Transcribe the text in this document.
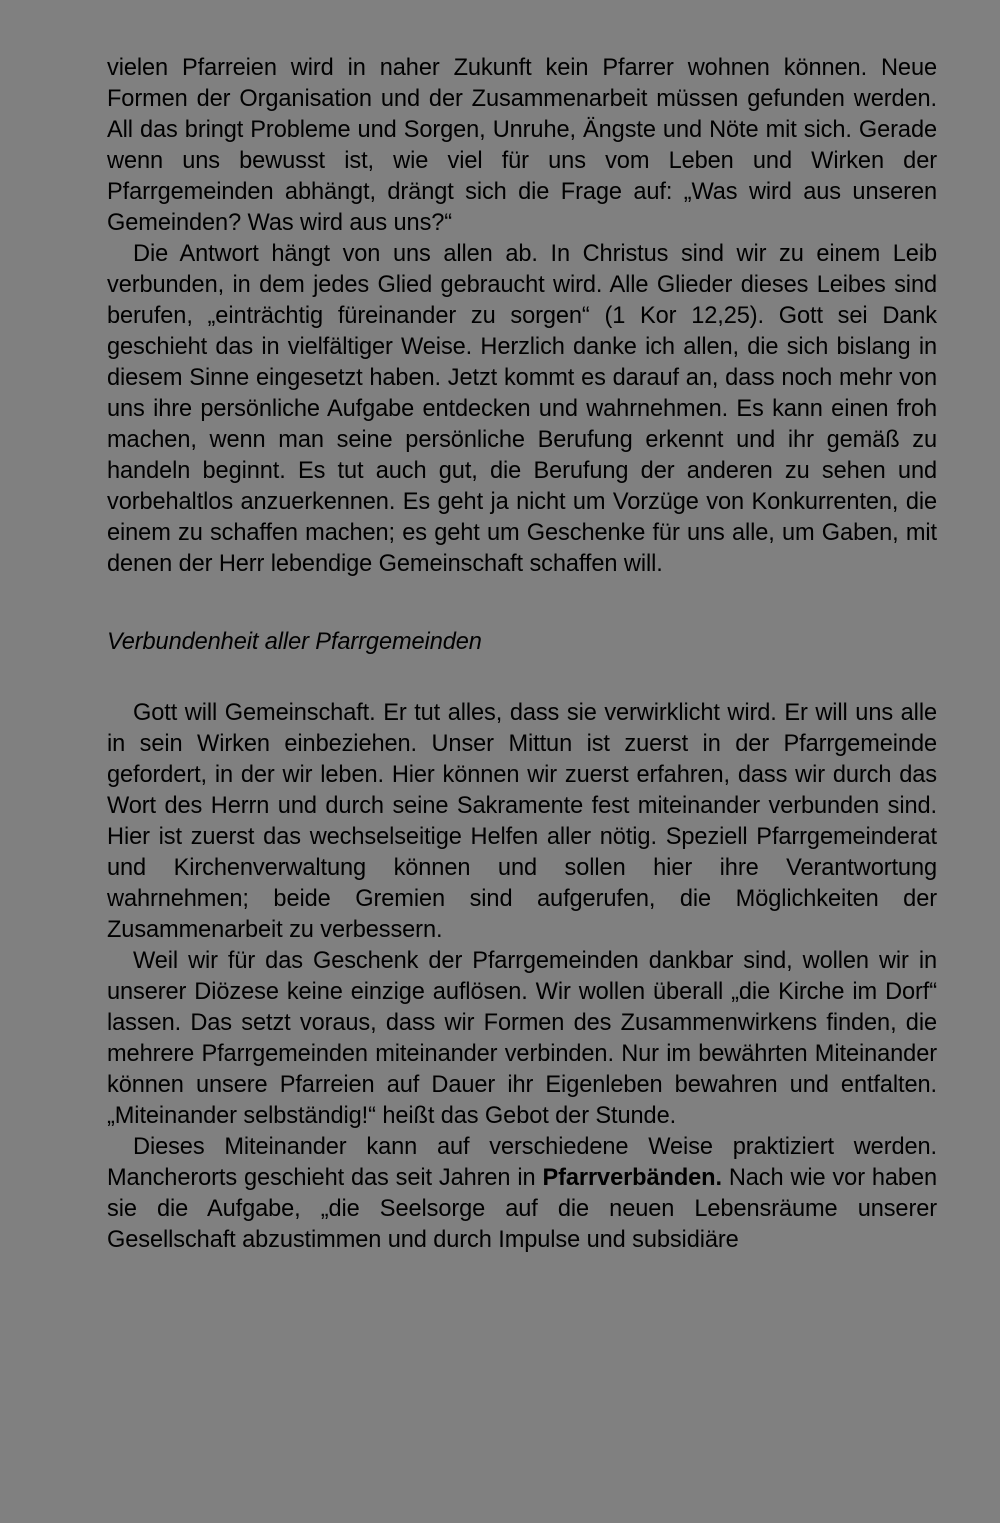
vielen Pfarreien wird in naher Zukunft kein Pfarrer wohnen können. Neue Formen der Organisation und der Zusammenarbeit müssen gefunden werden. All das bringt Probleme und Sorgen, Unruhe, Ängste und Nöte mit sich. Gerade wenn uns bewusst ist, wie viel für uns vom Leben und Wirken der Pfarrgemeinden abhängt, drängt sich die Frage auf: „Was wird aus unseren Gemeinden? Was wird aus uns?“

Die Antwort hängt von uns allen ab. In Christus sind wir zu einem Leib verbunden, in dem jedes Glied gebraucht wird. Alle Glieder dieses Leibes sind berufen, „einträchtig füreinander zu sorgen“ (1 Kor 12,25). Gott sei Dank geschieht das in vielfältiger Weise. Herzlich danke ich allen, die sich bislang in diesem Sinne eingesetzt haben. Jetzt kommt es darauf an, dass noch mehr von uns ihre persönliche Aufgabe entdecken und wahrnehmen. Es kann einen froh machen, wenn man seine persönliche Berufung erkennt und ihr gemäß zu handeln beginnt. Es tut auch gut, die Berufung der anderen zu sehen und vorbehaltlos anzuerkennen. Es geht ja nicht um Vorzüge von Konkurrenten, die einem zu schaffen machen; es geht um Geschenke für uns alle, um Gaben, mit denen der Herr lebendige Gemeinschaft schaffen will.

Verbundenheit aller Pfarrgemeinden

Gott will Gemeinschaft. Er tut alles, dass sie verwirklicht wird. Er will uns alle in sein Wirken einbeziehen. Unser Mittun ist zuerst in der Pfarrgemeinde gefordert, in der wir leben. Hier können wir zuerst erfahren, dass wir durch das Wort des Herrn und durch seine Sakramente fest miteinander verbunden sind. Hier ist zuerst das wechselseitige Helfen aller nötig. Speziell Pfarrgemeinderat und Kirchenverwaltung können und sollen hier ihre Verantwortung wahrnehmen; beide Gremien sind aufgerufen, die Möglichkeiten der Zusammenarbeit zu verbessern.

Weil wir für das Geschenk der Pfarrgemeinden dankbar sind, wollen wir in unserer Diözese keine einzige auflösen. Wir wollen überall „die Kirche im Dorf“ lassen. Das setzt voraus, dass wir Formen des Zusammenwirkens finden, die mehrere Pfarrgemeinden miteinander verbinden. Nur im bewährten Miteinander können unsere Pfarreien auf Dauer ihr Eigenleben bewahren und entfalten. „Miteinander selbständig!“ heißt das Gebot der Stunde.

Dieses Miteinander kann auf verschiedene Weise praktiziert werden. Mancherorts geschieht das seit Jahren in Pfarrverbänden. Nach wie vor haben sie die Aufgabe, „die Seelsorge auf die neuen Lebensräume unserer Gesellschaft abzustimmen und durch Impulse und subsidiäre
